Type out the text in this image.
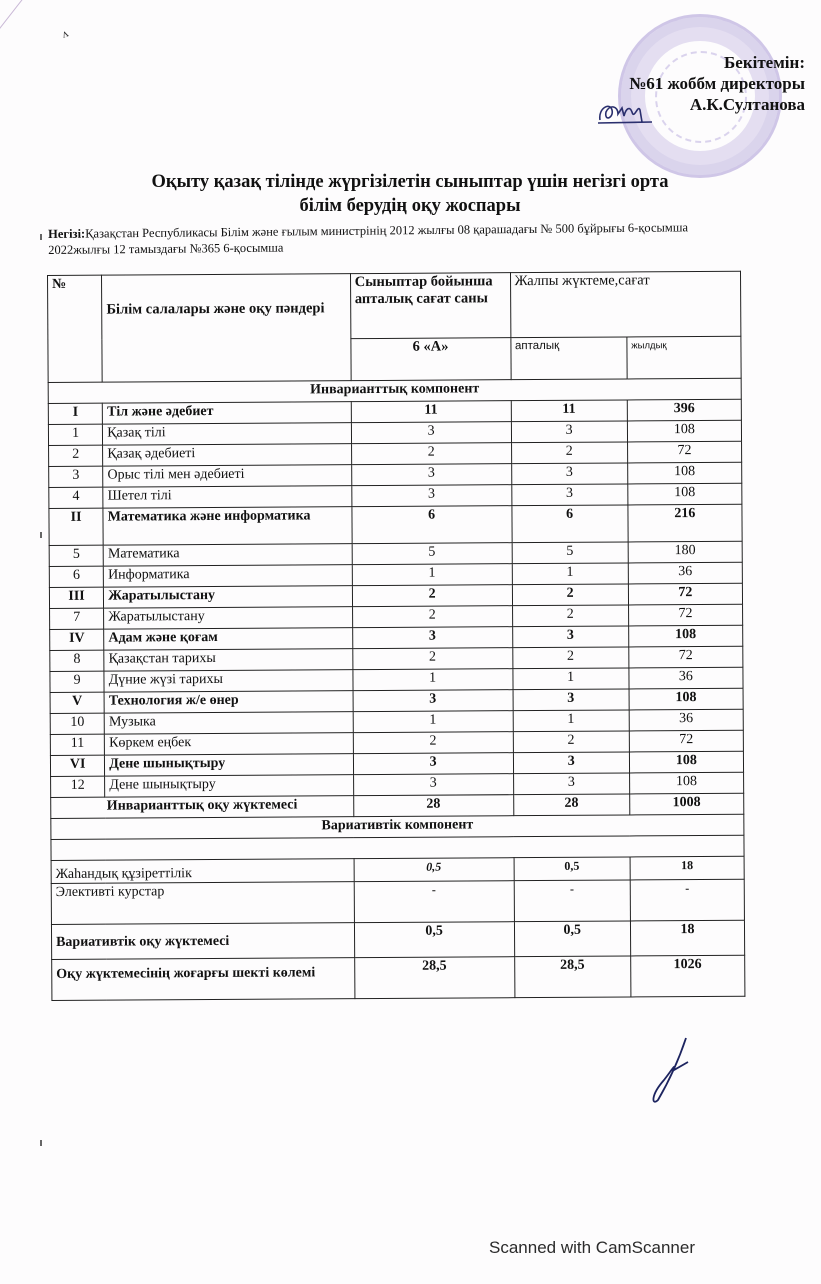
ʌ
Бекітемін:
№61 жоббм директоры
А.К.Султанова
Оқыту қазақ тілінде жүргізілетін сыныптар үшін негізгі орта
білім берудің оқу жоспары
Негізі:Қазақстан Республикасы Білім және ғылым министрінің 2012 жылғы 08 қарашадағы № 500 бұйрығы 6-қосымша
2022жылғы 12 тамыздағы №365 6-қосымша
№	Білім салалары және оқу пәндері	Сыныптар бойынша апталық сағат саны	Жалпы жүктеме,сағат	
		6 «А»	апталық	жылдық
Инварианттық компонент				
I	Тіл және әдебиет	11	11	396
1	Қазақ тілі	3	3	108
2	Қазақ әдебиеті	2	2	72
3	Орыс тілі мен әдебиеті	3	3	108
4	Шетел тілі	3	3	108
II	Математика және информатика	6	6	216
5	Математика	5	5	180
6	Информатика	1	1	36
III	Жаратылыстану	2	2	72
7	Жаратылыстану	2	2	72
IV	Адам және қоғам	3	3	108
8	Қазақстан тарихы	2	2	72
9	Дүние жүзі тарихы	1	1	36
V	Технология ж/е өнер	3	3	108
10	Музыка	1	1	36
11	Көркем еңбек	2	2	72
VI	Дене шынықтыру	3	3	108
12	Дене шынықтыру	3	3	108
Инварианттық оқу жүктемесі		28	28	1008
Вариативтік компонент				

Жаһандық құзіреттілік		0,5	0,5	18
Элективті курстар		-	-	-
Вариативтік оқу жүктемесі		0,5	0,5	18
Оқу жүктемесінің жоғарғы шекті көлемі		28,5	28,5	1026
Scanned with CamScanner
